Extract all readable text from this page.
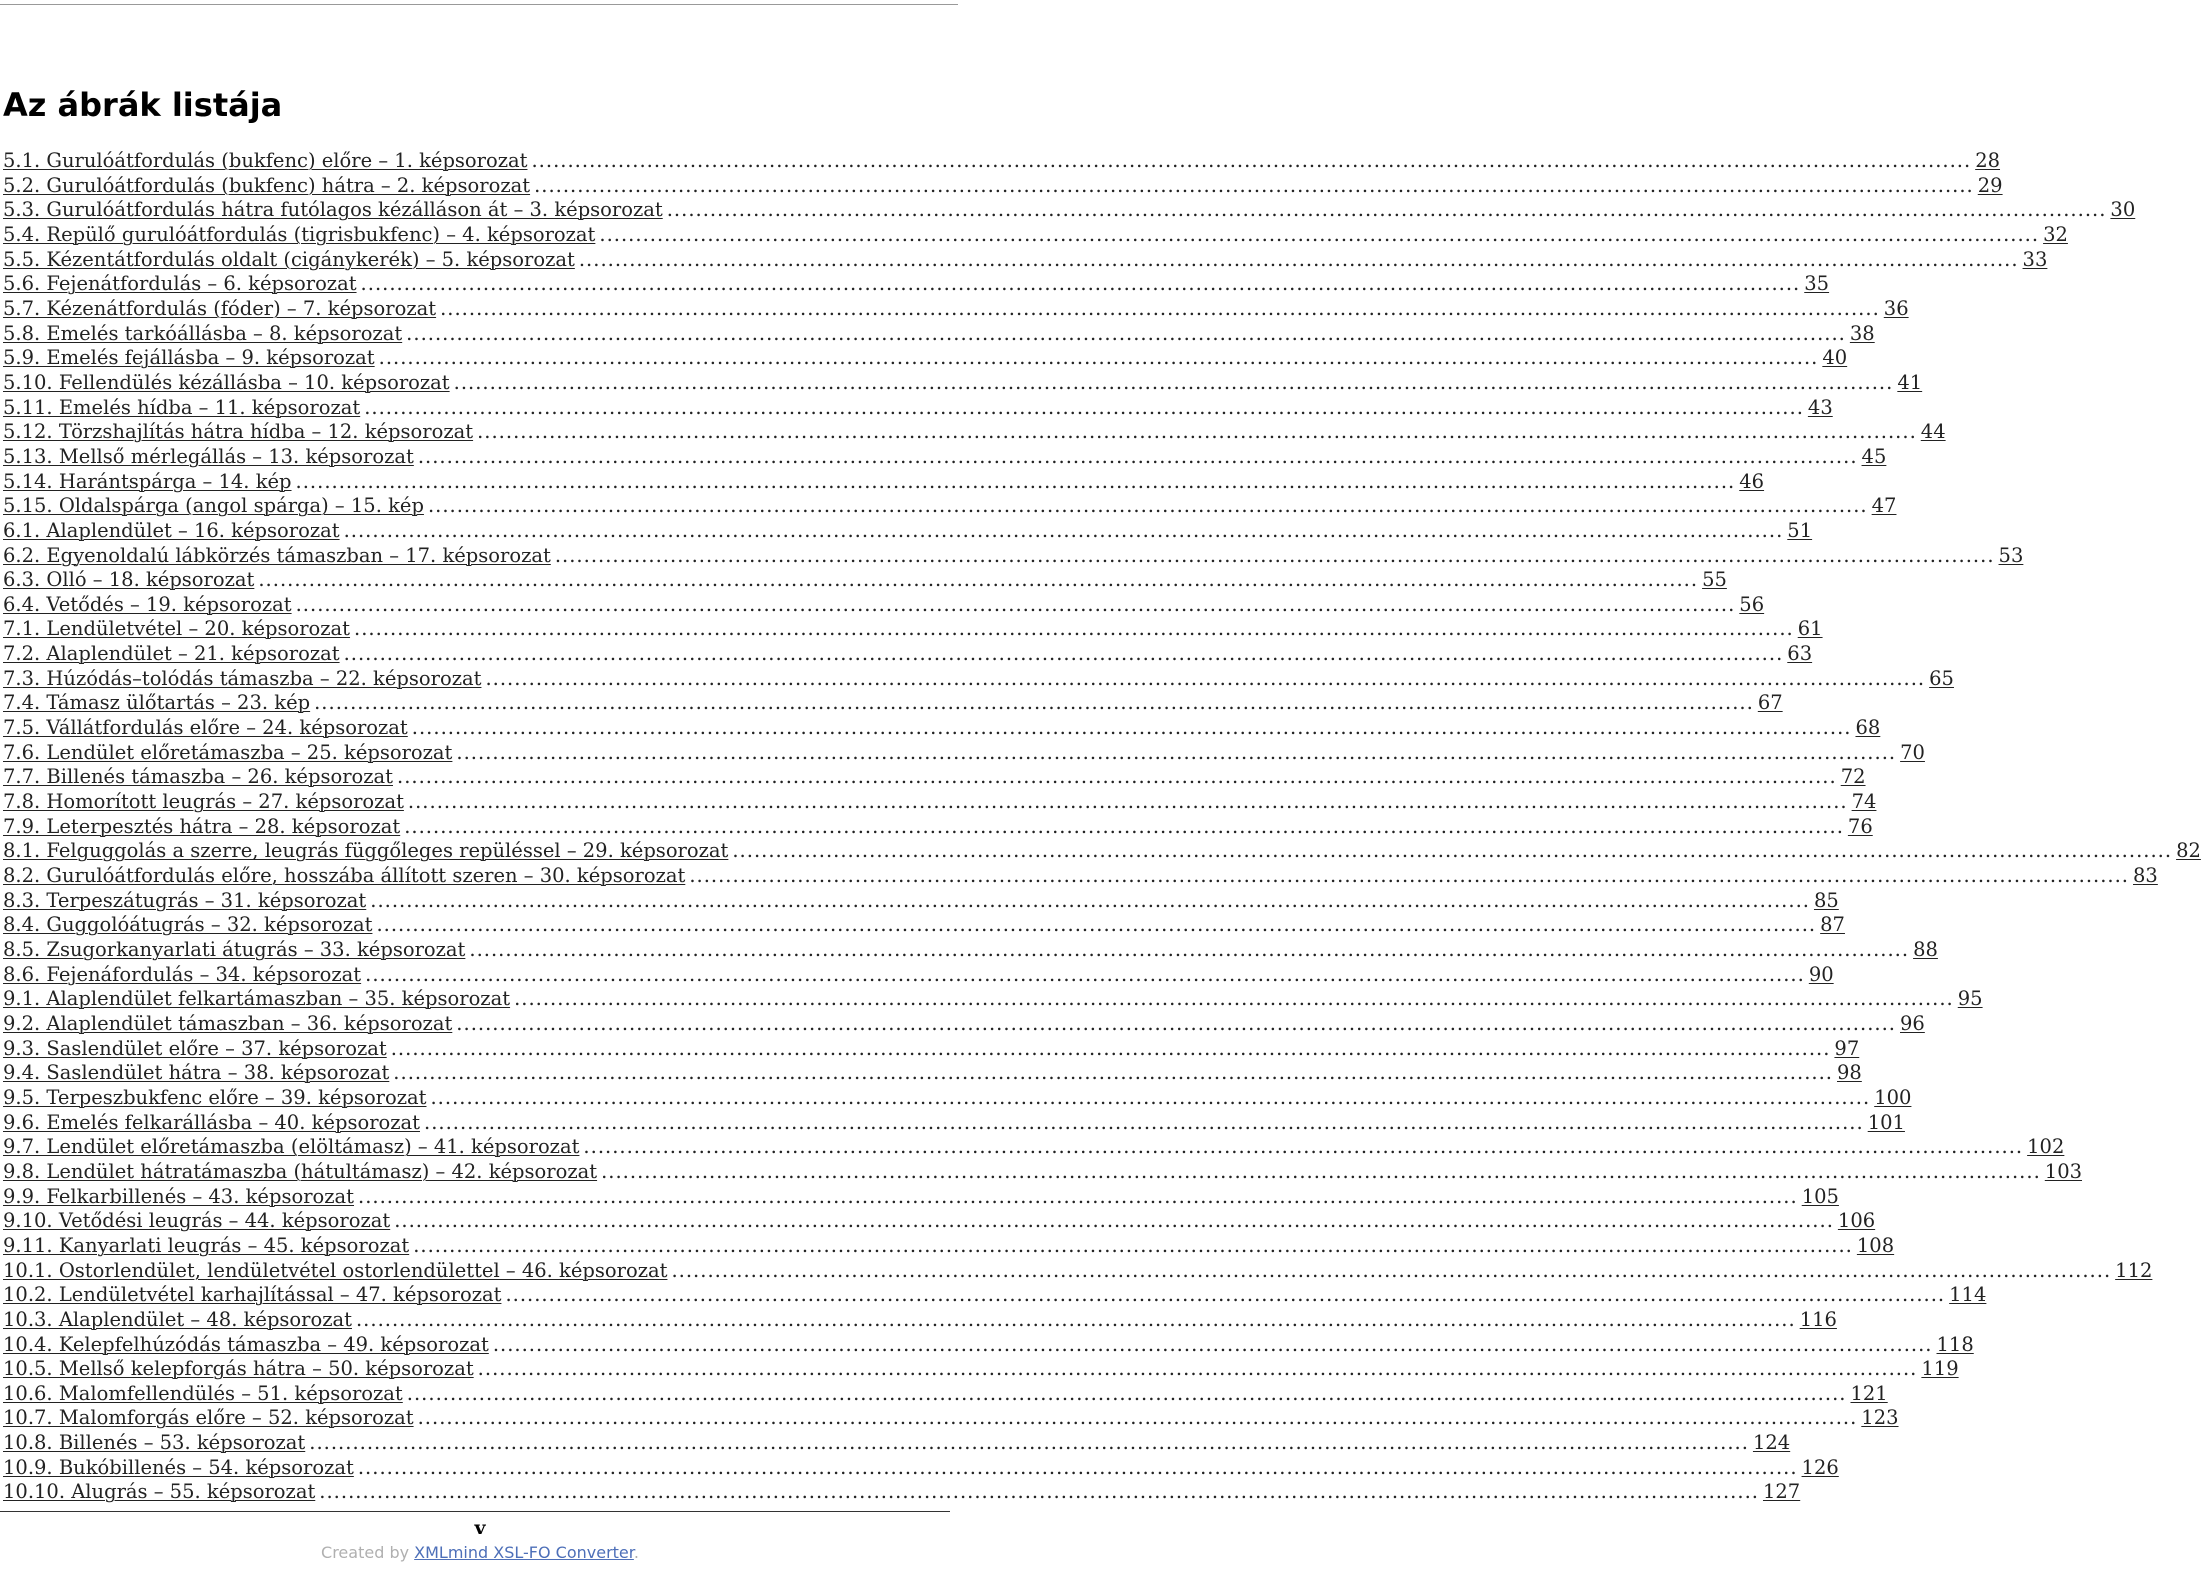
Az ábrák listája
5.1. Gurulóátfordulás (bukfenc) előre – 1. képsorozat ........................................................................................................................................................................................................ 28
5.2. Gurulóátfordulás (bukfenc) hátra – 2. képsorozat ........................................................................................................................................................................................................ 29
5.3. Gurulóátfordulás hátra futólagos kézálláson át – 3. képsorozat ........................................................................................................................................................................................................ 30
5.4. Repülő gurulóátfordulás (tigrisbukfenc) – 4. képsorozat ........................................................................................................................................................................................................ 32
5.5. Kézentátfordulás oldalt (cigánykerék) – 5. képsorozat ........................................................................................................................................................................................................ 33
5.6. Fejenátfordulás – 6. képsorozat ........................................................................................................................................................................................................ 35
5.7. Kézenátfordulás (fóder) – 7. képsorozat ........................................................................................................................................................................................................ 36
5.8. Emelés tarkóállásba – 8. képsorozat ........................................................................................................................................................................................................ 38
5.9. Emelés fejállásba – 9. képsorozat ........................................................................................................................................................................................................ 40
5.10. Fellendülés kézállásba – 10. képsorozat ........................................................................................................................................................................................................ 41
5.11. Emelés hídba – 11. képsorozat ........................................................................................................................................................................................................ 43
5.12. Törzshajlítás hátra hídba – 12. képsorozat ........................................................................................................................................................................................................ 44
5.13. Mellső mérlegállás – 13. képsorozat ........................................................................................................................................................................................................ 45
5.14. Harántspárga – 14. kép ........................................................................................................................................................................................................ 46
5.15. Oldalspárga (angol spárga) – 15. kép ........................................................................................................................................................................................................ 47
6.1. Alaplendület – 16. képsorozat ........................................................................................................................................................................................................ 51
6.2. Egyenoldalú lábkörzés támaszban – 17. képsorozat ........................................................................................................................................................................................................ 53
6.3. Olló – 18. képsorozat ........................................................................................................................................................................................................ 55
6.4. Vetődés – 19. képsorozat ........................................................................................................................................................................................................ 56
7.1. Lendületvétel – 20. képsorozat ........................................................................................................................................................................................................ 61
7.2. Alaplendület – 21. képsorozat ........................................................................................................................................................................................................ 63
7.3. Húzódás–tolódás támaszba – 22. képsorozat ........................................................................................................................................................................................................ 65
7.4. Támasz ülőtartás – 23. kép ........................................................................................................................................................................................................ 67
7.5. Vállátfordulás előre – 24. képsorozat ........................................................................................................................................................................................................ 68
7.6. Lendület előretámaszba – 25. képsorozat ........................................................................................................................................................................................................ 70
7.7. Billenés támaszba – 26. képsorozat ........................................................................................................................................................................................................ 72
7.8. Homorított leugrás – 27. képsorozat ........................................................................................................................................................................................................ 74
7.9. Leterpesztés hátra – 28. képsorozat ........................................................................................................................................................................................................ 76
8.1. Felguggolás a szerre, leugrás függőleges repüléssel – 29. képsorozat ........................................................................................................................................................................................................ 82
8.2. Gurulóátfordulás előre, hosszába állított szeren – 30. képsorozat ........................................................................................................................................................................................................ 83
8.3. Terpeszátugrás – 31. képsorozat ........................................................................................................................................................................................................ 85
8.4. Guggolóátugrás – 32. képsorozat ........................................................................................................................................................................................................ 87
8.5. Zsugorkanyarlati átugrás – 33. képsorozat ........................................................................................................................................................................................................ 88
8.6. Fejenáfordulás – 34. képsorozat ........................................................................................................................................................................................................ 90
9.1. Alaplendület felkartámaszban – 35. képsorozat ........................................................................................................................................................................................................ 95
9.2. Alaplendület támaszban – 36. képsorozat ........................................................................................................................................................................................................ 96
9.3. Saslendület előre – 37. képsorozat ........................................................................................................................................................................................................ 97
9.4. Saslendület hátra – 38. képsorozat ........................................................................................................................................................................................................ 98
9.5. Terpeszbukfenc előre – 39. képsorozat ........................................................................................................................................................................................................ 100
9.6. Emelés felkarállásba – 40. képsorozat ........................................................................................................................................................................................................ 101
9.7. Lendület előretámaszba (elöltámasz) – 41. képsorozat ........................................................................................................................................................................................................ 102
9.8. Lendület hátratámaszba (hátultámasz) – 42. képsorozat ........................................................................................................................................................................................................ 103
9.9. Felkarbillenés – 43. képsorozat ........................................................................................................................................................................................................ 105
9.10. Vetődési leugrás – 44. képsorozat ........................................................................................................................................................................................................ 106
9.11. Kanyarlati leugrás – 45. képsorozat ........................................................................................................................................................................................................ 108
10.1. Ostorlendület, lendületvétel ostorlendülettel – 46. képsorozat ........................................................................................................................................................................................................ 112
10.2. Lendületvétel karhajlítással – 47. képsorozat ........................................................................................................................................................................................................ 114
10.3. Alaplendület – 48. képsorozat ........................................................................................................................................................................................................ 116
10.4. Kelepfelhúzódás támaszba – 49. képsorozat ........................................................................................................................................................................................................ 118
10.5. Mellső kelepforgás hátra – 50. képsorozat ........................................................................................................................................................................................................ 119
10.6. Malomfellendülés – 51. képsorozat ........................................................................................................................................................................................................ 121
10.7. Malomforgás előre – 52. képsorozat ........................................................................................................................................................................................................ 123
10.8. Billenés – 53. képsorozat ........................................................................................................................................................................................................ 124
10.9. Bukóbillenés – 54. képsorozat ........................................................................................................................................................................................................ 126
10.10. Alugrás – 55. képsorozat ........................................................................................................................................................................................................ 127
v
Created by XMLmind XSL-FO Converter.
